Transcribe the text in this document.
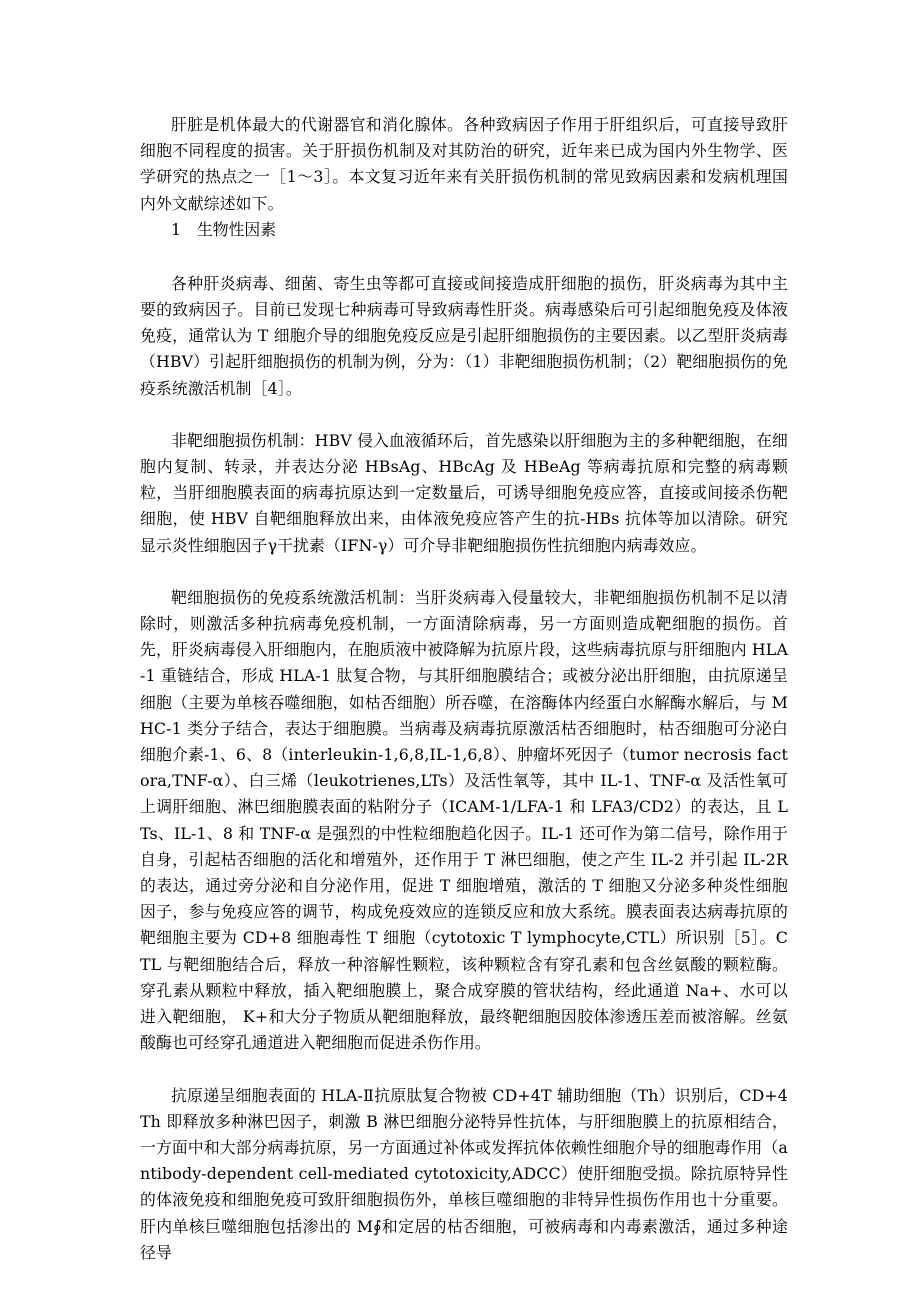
肝脏是机体最大的代谢器官和消化腺体。各种致病因子作用于肝组织后，可直接导致肝细胞不同程度的损害。关于肝损伤机制及对其防治的研究，近年来已成为国内外生物学、医学研究的热点之一［1～3］。本文复习近年来有关肝损伤机制的常见致病因素和发病机理国内外文献综述如下。

1 生物性因素

各种肝炎病毒、细菌、寄生虫等都可直接或间接造成肝细胞的损伤，肝炎病毒为其中主要的致病因子。目前已发现七种病毒可导致病毒性肝炎。病毒感染后可引起细胞免疫及体液免疫，通常认为 T 细胞介导的细胞免疫反应是引起肝细胞损伤的主要因素。以乙型肝炎病毒（HBV）引起肝细胞损伤的机制为例，分为：（1）非靶细胞损伤机制；（2）靶细胞损伤的免疫系统激活机制［4］。

非靶细胞损伤机制：HBV 侵入血液循环后，首先感染以肝细胞为主的多种靶细胞，在细胞内复制、转录，并表达分泌 HBsAg、HBcAg 及 HBeAg 等病毒抗原和完整的病毒颗粒，当肝细胞膜表面的病毒抗原达到一定数量后，可诱导细胞免疫应答，直接或间接杀伤靶细胞，使 HBV 自靶细胞释放出来，由体液免疫应答产生的抗-HBs 抗体等加以清除。研究显示炎性细胞因子γ干扰素（IFN-γ）可介导非靶细胞损伤性抗细胞内病毒效应。

靶细胞损伤的免疫系统激活机制：当肝炎病毒入侵量较大，非靶细胞损伤机制不足以清除时，则激活多种抗病毒免疫机制，一方面清除病毒，另一方面则造成靶细胞的损伤。首先，肝炎病毒侵入肝细胞内，在胞质液中被降解为抗原片段，这些病毒抗原与肝细胞内 HLA-1 重链结合，形成 HLA-1 肽复合物，与其肝细胞膜结合；或被分泌出肝细胞，由抗原递呈细胞（主要为单核吞噬细胞，如枯否细胞）所吞噬，在溶酶体内经蛋白水解酶水解后，与 MHC-1 类分子结合，表达于细胞膜。当病毒及病毒抗原激活枯否细胞时，枯否细胞可分泌白细胞介素-1、6、8（interleukin-1,6,8,IL-1,6,8）、肿瘤坏死因子（tumor necrosis factora,TNF-α）、白三烯（leukotrienes,LTs）及活性氧等，其中 IL-1、TNF-α 及活性氧可上调肝细胞、淋巴细胞膜表面的粘附分子（ICAM-1/LFA-1 和 LFA3/CD2）的表达，且 LTs、IL-1、8 和 TNF-α 是强烈的中性粒细胞趋化因子。IL-1 还可作为第二信号，除作用于自身，引起枯否细胞的活化和增殖外，还作用于 T 淋巴细胞，使之产生 IL-2 并引起 IL-2R 的表达，通过旁分泌和自分泌作用，促进 T 细胞增殖，激活的 T 细胞又分泌多种炎性细胞因子，参与免疫应答的调节，构成免疫效应的连锁反应和放大系统。膜表面表达病毒抗原的靶细胞主要为 CD+8 细胞毒性 T 细胞（cytotoxic T lymphocyte,CTL）所识别［5］。CTL 与靶细胞结合后，释放一种溶解性颗粒，该种颗粒含有穿孔素和包含丝氨酸的颗粒酶。穿孔素从颗粒中释放，插入靶细胞膜上，聚合成穿膜的管状结构，经此通道 Na+、水可以进入靶细胞， K+和大分子物质从靶细胞释放，最终靶细胞因胶体渗透压差而被溶解。丝氨酸酶也可经穿孔通道进入靶细胞而促进杀伤作用。

抗原递呈细胞表面的 HLA-Ⅱ抗原肽复合物被 CD+4T 辅助细胞（Th）识别后，CD+4Th 即释放多种淋巴因子，刺激 B 淋巴细胞分泌特异性抗体，与肝细胞膜上的抗原相结合，一方面中和大部分病毒抗原，另一方面通过补体或发挥抗体依赖性细胞介导的细胞毒作用（antibody-dependent cell-mediated cytotoxicity,ADCC）使肝细胞受损。除抗原特异性的体液免疫和细胞免疫可致肝细胞损伤外，单核巨噬细胞的非特异性损伤作用也十分重要。肝内单核巨噬细胞包括渗出的 M∮和定居的枯否细胞，可被病毒和内毒素激活，通过多种途径导
